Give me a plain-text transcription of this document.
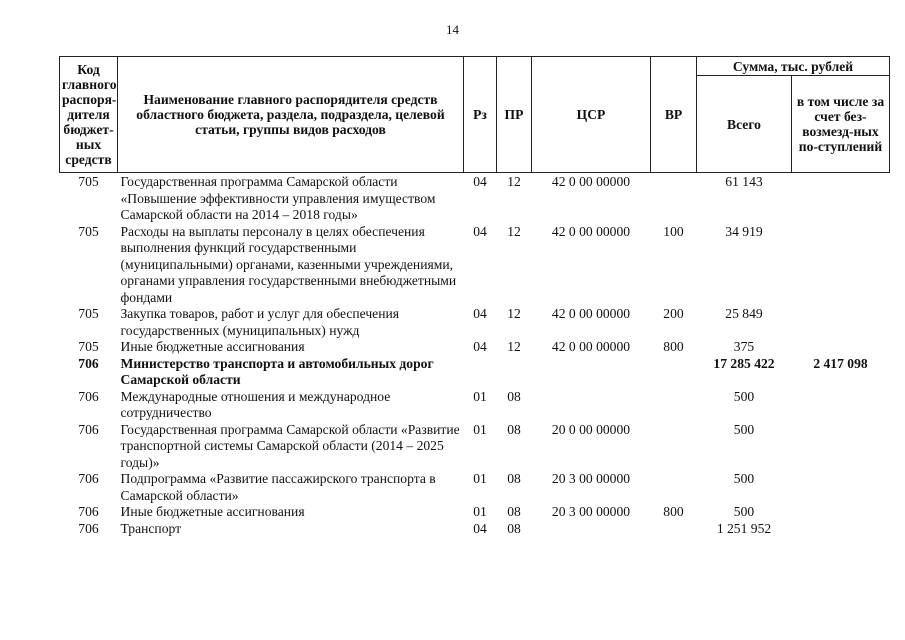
14
Код главного распоря-дителя бюджет-ных средств	Наименование главного распорядителя средств областного бюджета, раздела, подраздела, целевой статьи, группы видов расходов	Рз	ПР	ЦСР	ВР	Сумма, тыс. рублей	
						Всего	в том числе за счет без-возмезд-ных по-ступлений
705	Государственная программа Самарской области «Повышение эффективности управления имуществом Самарской области на 2014 – 2018 годы»	04	12	42 0 00 00000		61 143	
705	Расходы на выплаты персоналу в целях обеспечения выполнения функций государственными (муниципальными) органами, казенными учреждениями, органами управления государственными внебюджетными фондами	04	12	42 0 00 00000	100	34 919	
705	Закупка товаров, работ и услуг для обеспечения государственных (муниципальных) нужд	04	12	42 0 00 00000	200	25 849	
705	Иные бюджетные ассигнования	04	12	42 0 00 00000	800	375	
706	Министерство транспорта и автомобильных дорог Самарской области					17 285 422	2 417 098
706	Международные отношения и международное сотрудничество	01	08			500	
706	Государственная программа Самарской области «Развитие транспортной системы Самарской области (2014 – 2025 годы)»	01	08	20 0 00 00000		500	
706	Подпрограмма «Развитие пассажирского транспорта в Самарской области»	01	08	20 3 00 00000		500	
706	Иные бюджетные ассигнования	01	08	20 3 00 00000	800	500	
706	Транспорт	04	08			1 251 952	
